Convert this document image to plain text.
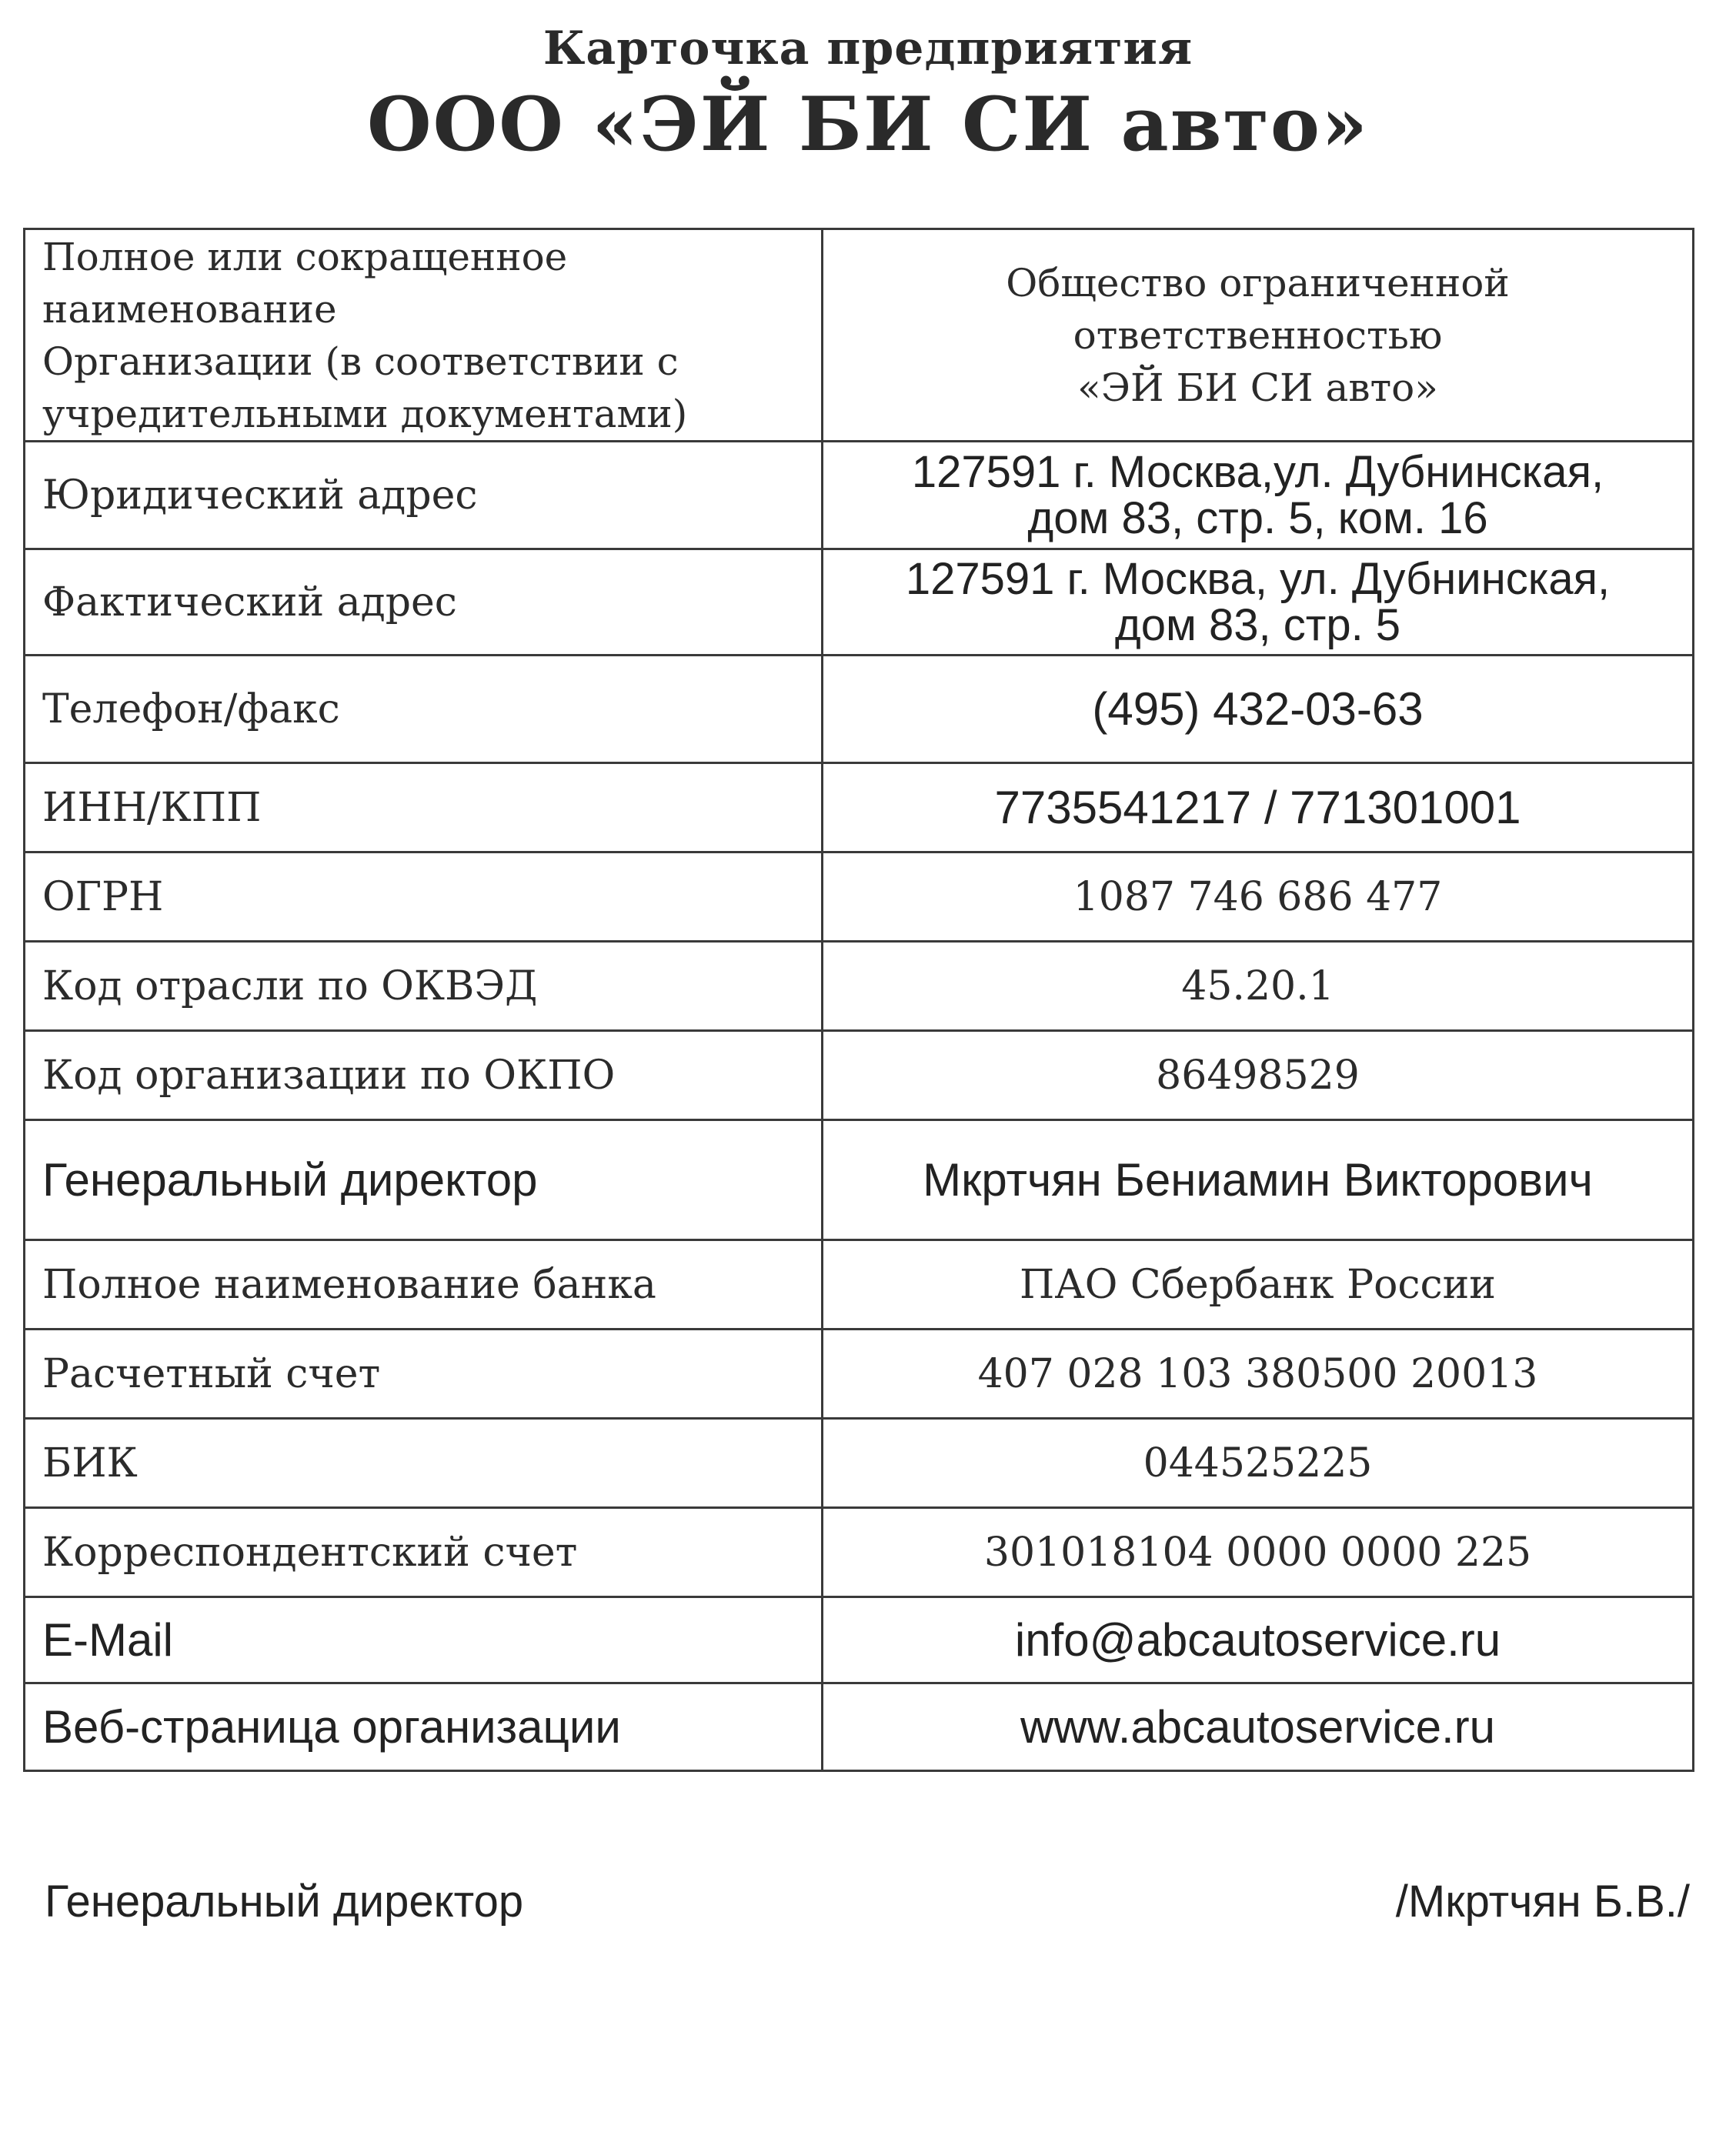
Карточка предприятия
ООО «ЭЙ БИ СИ авто»
Полное или сокращенное
наименование
Организации (в соответствии с
учредительными документами)	Общество ограниченной
ответственностью
«ЭЙ БИ СИ авто»

Юридический адрес	127591 г. Москва,ул. Дубнинская,
дом 83, стр. 5, ком. 16

Фактический адрес	127591 г. Москва, ул. Дубнинская,
дом 83, стр. 5

Телефон/факс	(495) 432-03-63
ИНН/КПП	7735541217 / 771301001
ОГРН	1087 746 686 477
Код отрасли по ОКВЭД	45.20.1
Код организации по ОКПО	86498529
Генеральный директор	Мкртчян Бениамин Викторович
Полное наименование банка	ПАО Сбербанк России
Расчетный счет	407 028 103 380500 20013
БИК	044525225
Корреспондентский счет	301018104 0000 0000 225
E-Mail	info@abcautoservice.ru
Веб-страница организации	www.abcautoservice.ru
Генеральный директор	/Мкртчян Б.В./
